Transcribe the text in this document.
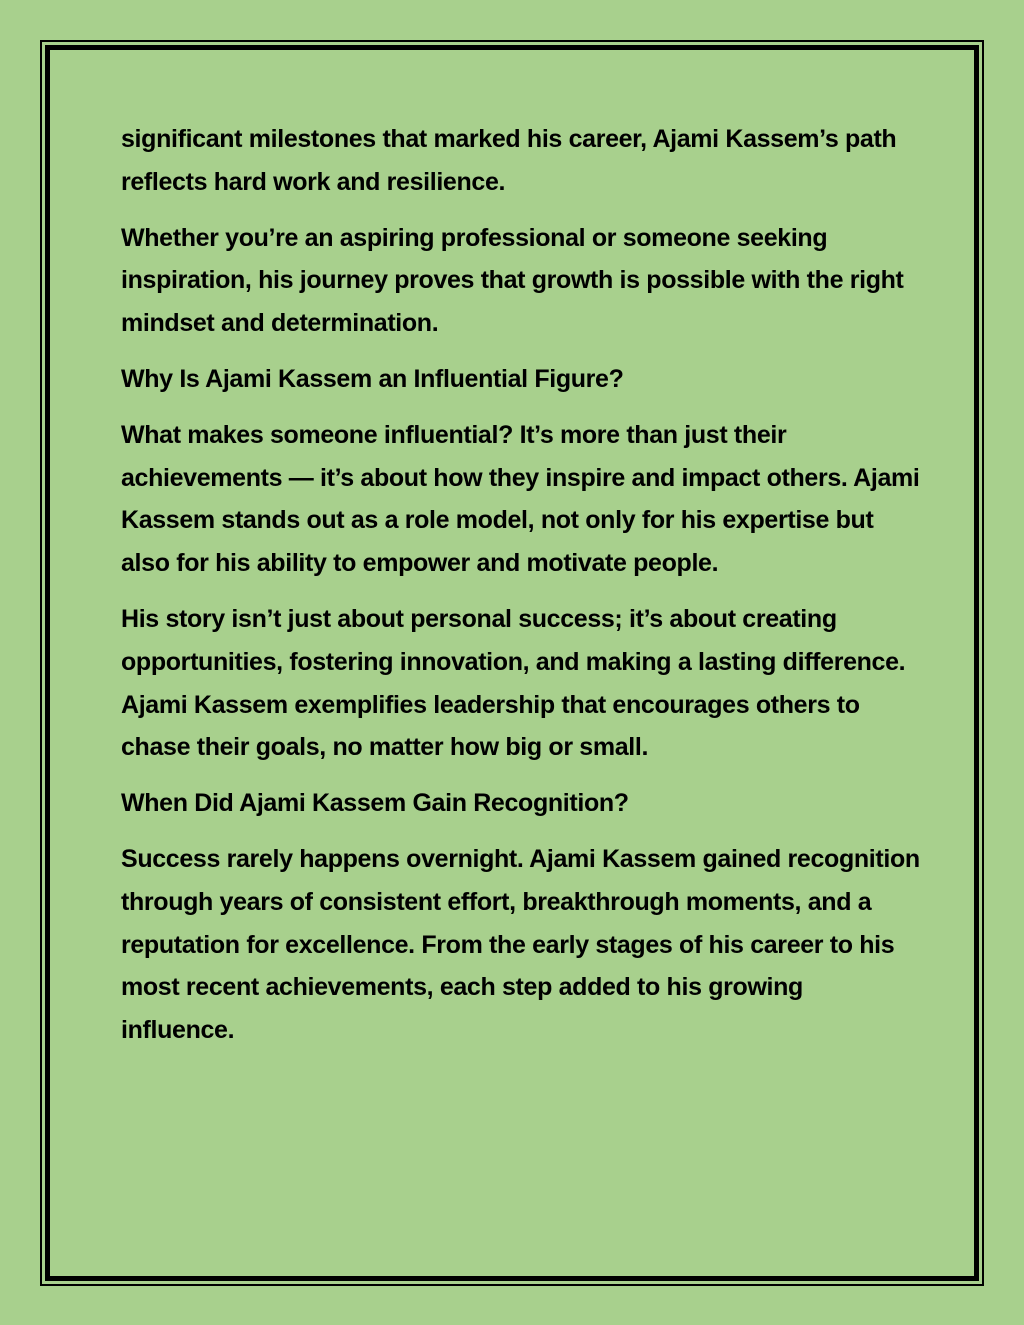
significant milestones that marked his career, Ajami Kassem’s path reflects hard work and resilience.

Whether you’re an aspiring professional or someone seeking inspiration, his journey proves that growth is possible with the right mindset and determination.

Why Is Ajami Kassem an Influential Figure?

What makes someone influential? It’s more than just their achievements — it’s about how they inspire and impact others. Ajami Kassem stands out as a role model, not only for his expertise but also for his ability to empower and motivate people.

His story isn’t just about personal success; it’s about creating opportunities, fostering innovation, and making a lasting difference. Ajami Kassem exemplifies leadership that encourages others to chase their goals, no matter how big or small.

When Did Ajami Kassem Gain Recognition?

Success rarely happens overnight. Ajami Kassem gained recognition through years of consistent effort, breakthrough moments, and a reputation for excellence. From the early stages of his career to his most recent achievements, each step added to his growing influence.
